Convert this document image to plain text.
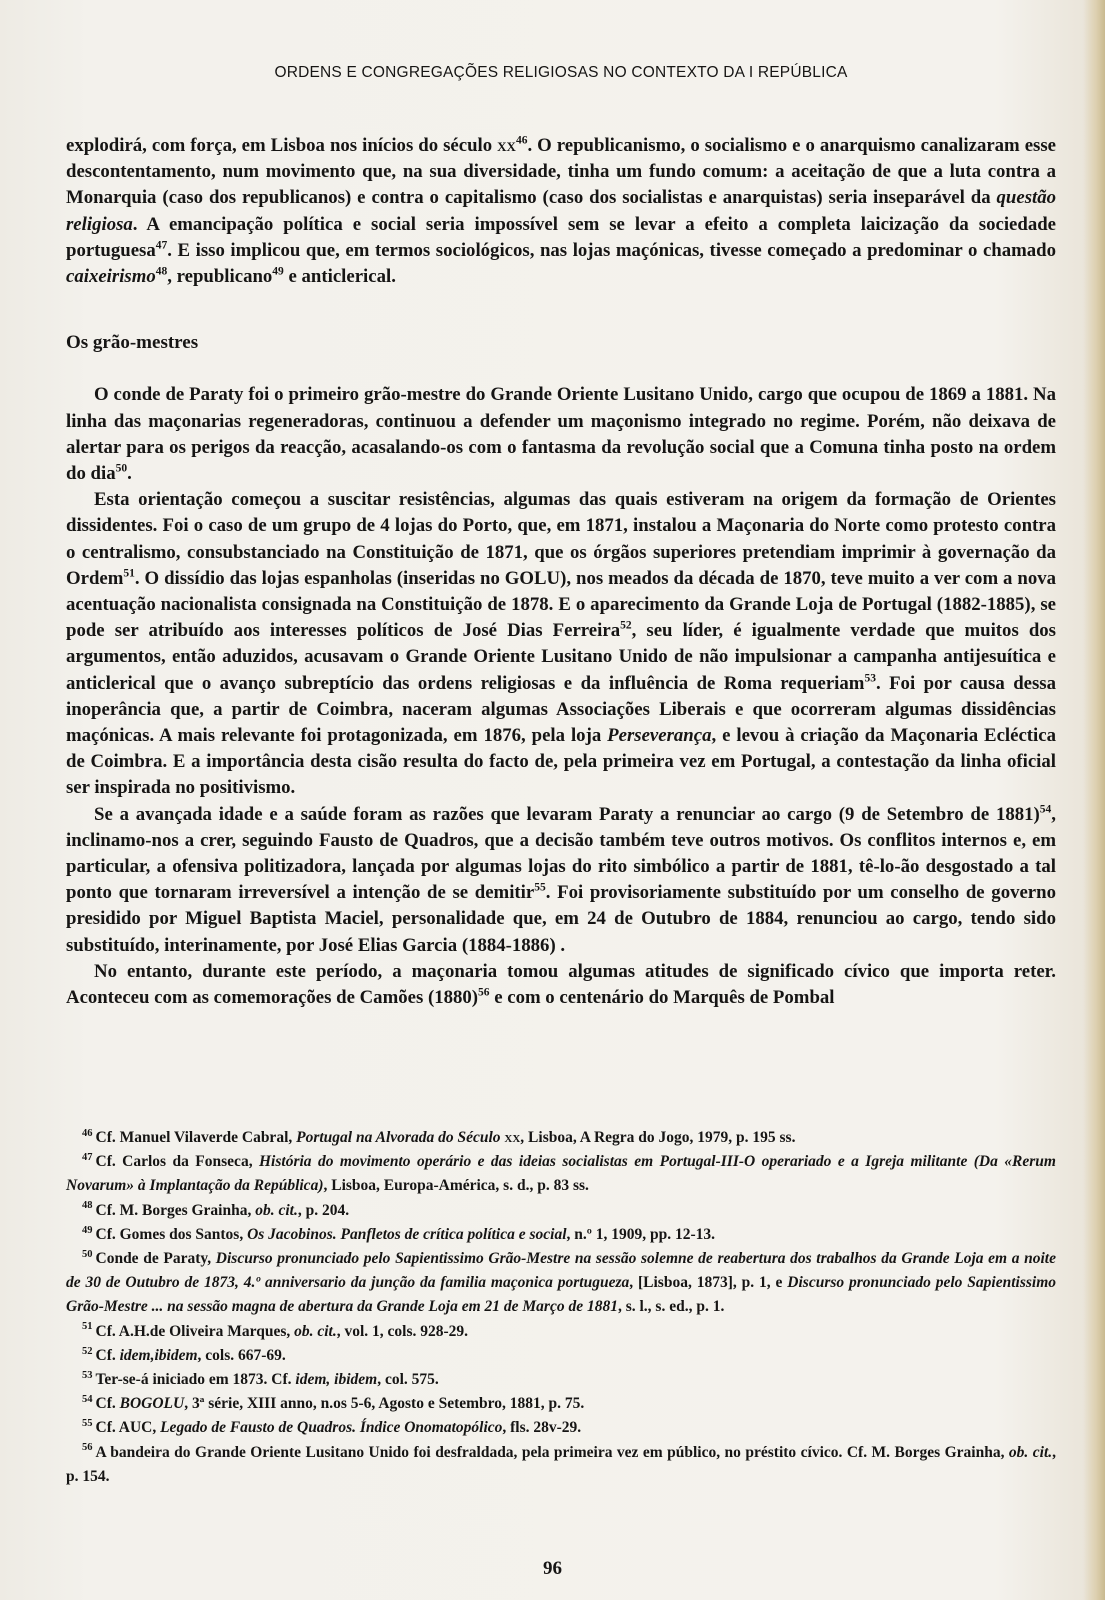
ORDENS E CONGREGAÇÕES RELIGIOSAS NO CONTEXTO DA I REPÚBLICA

explodirá, com força, em Lisboa nos inícios do século $xx^{46}$. O republicanismo, o socialismo e o anarquismo canalizaram esse descontentamento, num movimento que, na sua diversidade, tinha um fundo comum: a aceitação de que a luta contra a Monarquia (caso dos republicanos) e contra o capitalismo (caso dos socialistas e anarquistas) seria inseparável da questão religiosa. A emancipação política e social seria impossível sem se levar a efeito a completa laicização da sociedade portuguesa$^{47}$. E isso implicou que, em termos sociológicos, nas lojas maçónicas, tivesse começado a predominar o chamado caixeirismo$^{48}$, republicano$^{49}$ e anticlerical.

Os grão-mestres

O conde de Paraty foi o primeiro grão-mestre do Grande Oriente Lusitano Unido, cargo que ocupou de 1869 a 1881. Na linha das maçonarias regeneradoras, continuou a defender um maçonismo integrado no regime. Porém, não deixava de alertar para os perigos da reacção, acasalando-os com o fantasma da revolução social que a Comuna tinha posto na ordem do dia$^{50}$.

Esta orientação começou a suscitar resistências, algumas das quais estiveram na origem da formação de Orientes dissidentes. Foi o caso de um grupo de 4 lojas do Porto, que, em 1871, instalou a Maçonaria do Norte como protesto contra o centralismo, consubstanciado na Constituição de 1871, que os órgãos superiores pretendiam imprimir à governação da Ordem$^{51}$. O dissídio das lojas espanholas (inseridas no GOLU), nos meados da década de 1870, teve muito a ver com a nova acentuação nacionalista consignada na Constituição de 1878. E o aparecimento da Grande Loja de Portugal (1882-1885), se pode ser atribuído aos interesses políticos de José Dias Ferreira$^{52}$, seu líder, é igualmente verdade que muitos dos argumentos, então aduzidos, acusavam o Grande Oriente Lusitano Unido de não impulsionar a campanha antijesuítica e anticlerical que o avanço subreptício das ordens religiosas e da influência de Roma requeriam$^{53}$. Foi por causa dessa inoperância que, a partir de Coimbra, naceram algumas Associações Liberais e que ocorreram algumas dissidências maçónicas. A mais relevante foi protagonizada, em 1876, pela loja Perseverança, e levou à criação da Maçonaria Ecléctica de Coimbra. E a importância desta cisão resulta do facto de, pela primeira vez em Portugal, a contestação da linha oficial ser inspirada no positivismo.

Se a avançada idade e a saúde foram as razões que levaram Paraty a renunciar ao cargo (9 de Setembro de 1881)$^{54}$, inclinamo-nos a crer, seguindo Fausto de Quadros, que a decisão também teve outros motivos. Os conflitos internos e, em particular, a ofensiva politizadora, lançada por algumas lojas do rito simbólico a partir de 1881, tê-lo-ão desgostado a tal ponto que tornaram irreversível a intenção de se demitir$^{55}$. Foi provisoriamente substituído por um conselho de governo presidido por Miguel Baptista Maciel, personalidade que, em 24 de Outubro de 1884, renunciou ao cargo, tendo sido substituído, interinamente, por José Elias Garcia (1884-1886) .

No entanto, durante este período, a maçonaria tomou algumas atitudes de significado cívico que importa reter. Aconteceu com as comemorações de Camões $(1880)^{56}$ e com o centenário do Marquês de Pombal

$^{46}$ Cf. Manuel Vilaverde Cabral, Portugal na Alvorada do Século xx, Lisboa, A Regra do Jogo, 1979, p. 195 ss.

$^{47}$ Cf. Carlos da Fonseca, História do movimento operário e das ideias socialistas em Portugal-III-O operariado e a Igreja militante (Da «Rerum Novarum» à Implantação da República), Lisboa, Europa-América, s. d., p. 83 ss.

$^{48}$ Cf. M. Borges Grainha, ob. cit., p. 204.

$^{49}$ Cf. Gomes dos Santos, Os Jacobinos. Panfletos de crítica política e social, n.º 1, 1909, pp. 12-13.

$^{50}$ Conde de Paraty, Discurso pronunciado pelo Sapientissimo Grão-Mestre na sessão solemne de reabertura dos trabalhos da Grande Loja em a noite de 30 de Outubro de 1873, 4.º anniversario da junção da familia maçonica portugueza, [Lisboa, 1873], p. 1, e Discurso pronunciado pelo Sapientissimo Grão-Mestre ... na sessão magna de abertura da Grande Loja em 21 de Março de 1881, s. l., s. ed., p. 1.

$^{51}$ Cf. A.H.de Oliveira Marques, ob. cit., vol. 1, cols. 928-29.

$^{52}$ Cf. idem,ibidem, cols. 667-69.

$^{53}$ Ter-se-á iniciado em 1873. Cf. idem, ibidem, col. 575.

$^{54}$ Cf. BOGOLU, 3ª série, XIII anno, n.os 5-6, Agosto e Setembro, 1881, p. 75.

$^{55}$ Cf. AUC, Legado de Fausto de Quadros. Índice Onomatopólico, fls. 28v-29.

$^{56}$ A bandeira do Grande Oriente Lusitano Unido foi desfraldada, pela primeira vez em público, no préstito cívico. Cf. M. Borges Grainha, ob. cit., p. 154.

96
